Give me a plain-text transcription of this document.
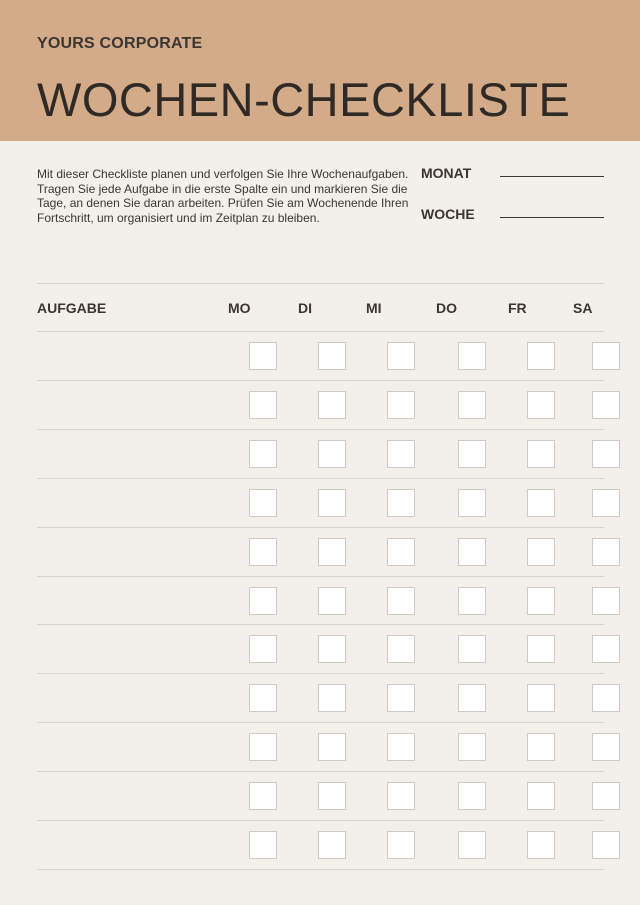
YOURS CORPORATE
WOCHEN-CHECKLISTE
Mit dieser Checkliste planen und verfolgen Sie Ihre Wochenaufgaben. Tragen Sie jede Aufgabe in die erste Spalte ein und markieren Sie die Tage, an denen Sie daran arbeiten. Prüfen Sie am Wochenende Ihren Fortschritt, um organisiert und im Zeitplan zu bleiben.
MONAT
WOCHE
AUFGABE	MO	DI	MI	DO	FR	SA
